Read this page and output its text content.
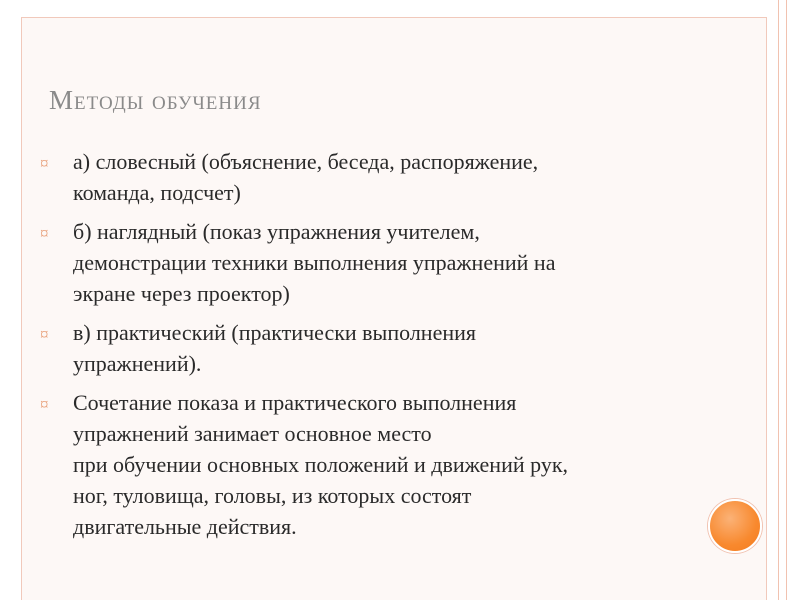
Методы обучения
¤ а) словесный (объяснение, беседа, распоряжение,
команда, подсчет)
¤ б) наглядный (показ упражнения учителем,
демонстрации техники выполнения упражнений на
экране через проектор)
¤ в) практический (практически выполнения
упражнений).
¤ Сочетание показа и практического выполнения
упражнений занимает основное место
при обучении основных положений и движений рук,
ног, туловища, головы, из которых состоят
двигательные действия.
